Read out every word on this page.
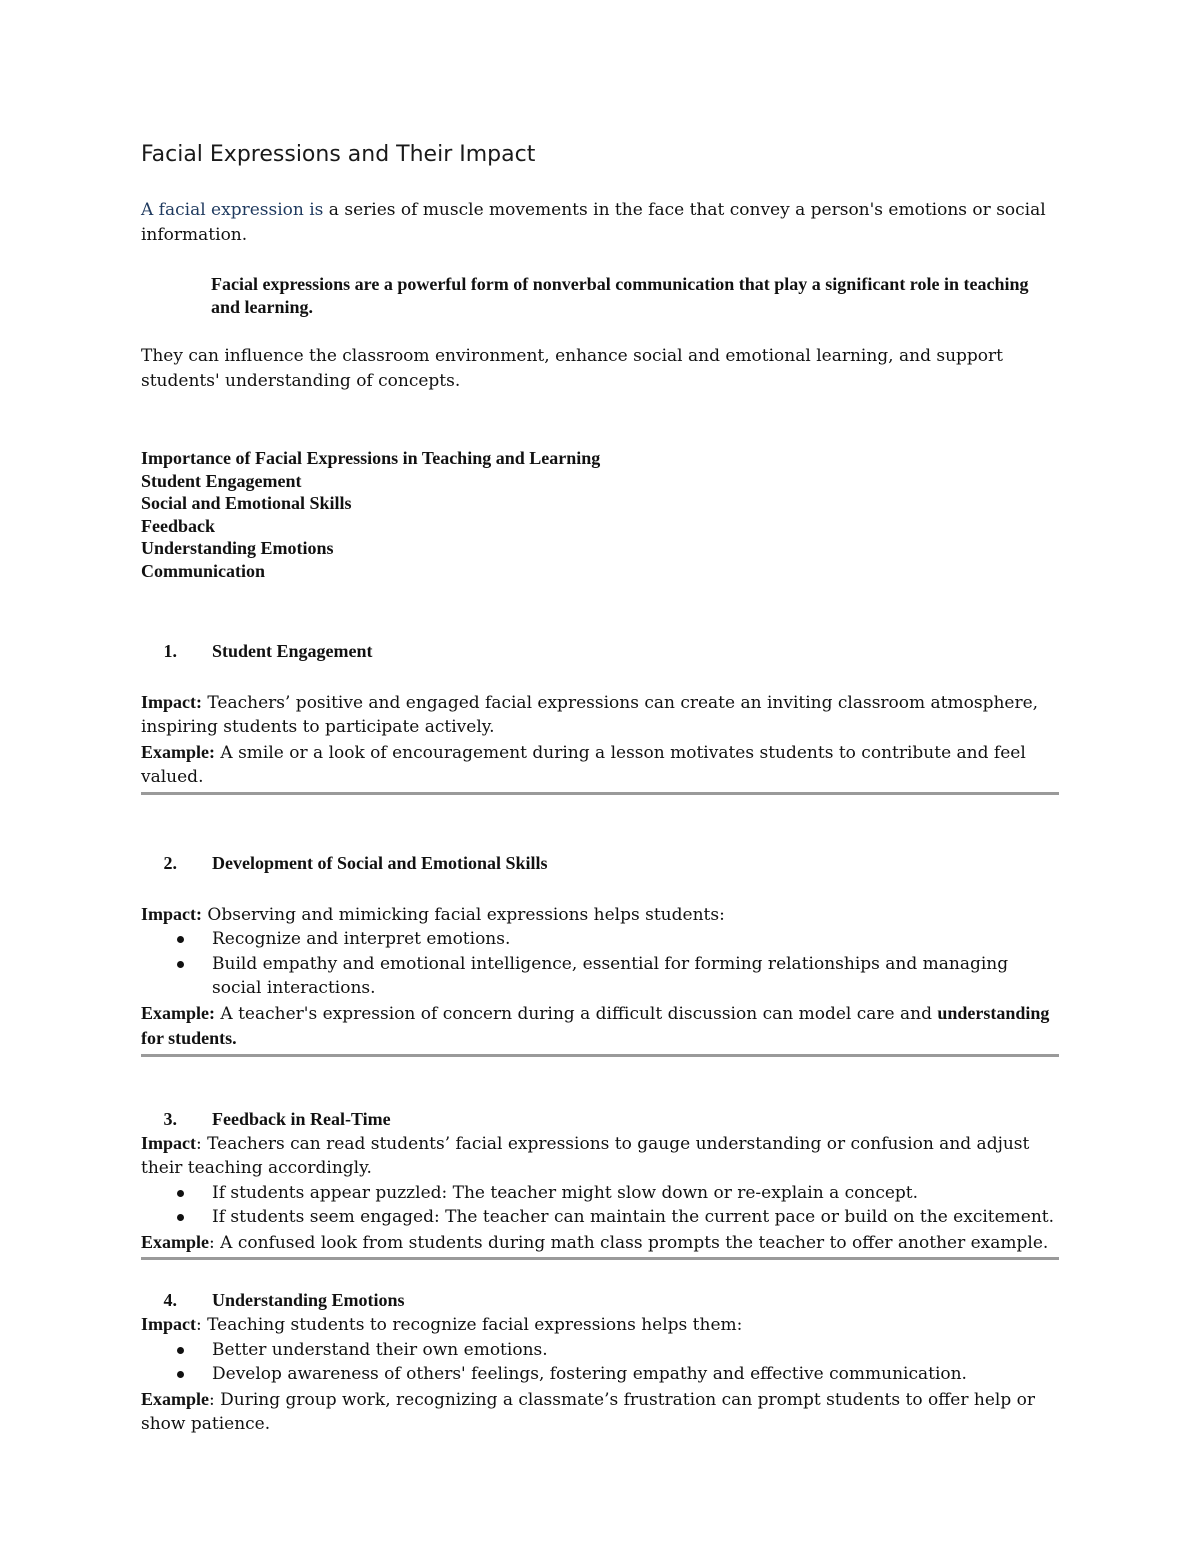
Facial Expressions and Their Impact

A facial expression is a series of muscle movements in the face that convey a person's emotions or social information.

Facial expressions are a powerful form of nonverbal communication that play a significant role in teaching and learning.

They can influence the classroom environment, enhance social and emotional learning, and support students' understanding of concepts.

Importance of Facial Expressions in Teaching and Learning
Student Engagement
Social and Emotional Skills
Feedback
Understanding Emotions
Communication
1.	Student Engagement

Impact: Teachers’ positive and engaged facial expressions can create an inviting classroom atmosphere, inspiring students to participate actively.

Example: A smile or a look of encouragement during a lesson motivates students to contribute and feel valued.

2.	Development of Social and Emotional Skills

Impact: Observing and mimicking facial expressions helps students:

Recognize and interpret emotions.
Build empathy and emotional intelligence, essential for forming relationships and managing social interactions.

Example: A teacher's expression of concern during a difficult discussion can model care and understanding for students.

3.	Feedback in Real-Time

Impact: Teachers can read students’ facial expressions to gauge understanding or confusion and adjust their teaching accordingly.

If students appear puzzled: The teacher might slow down or re-explain a concept.
If students seem engaged: The teacher can maintain the current pace or build on the excitement.

Example: A confused look from students during math class prompts the teacher to offer another example.

4.	Understanding Emotions

Impact: Teaching students to recognize facial expressions helps them:

Better understand their own emotions.
Develop awareness of others' feelings, fostering empathy and effective communication.

Example: During group work, recognizing a classmate’s frustration can prompt students to offer help or show patience.
